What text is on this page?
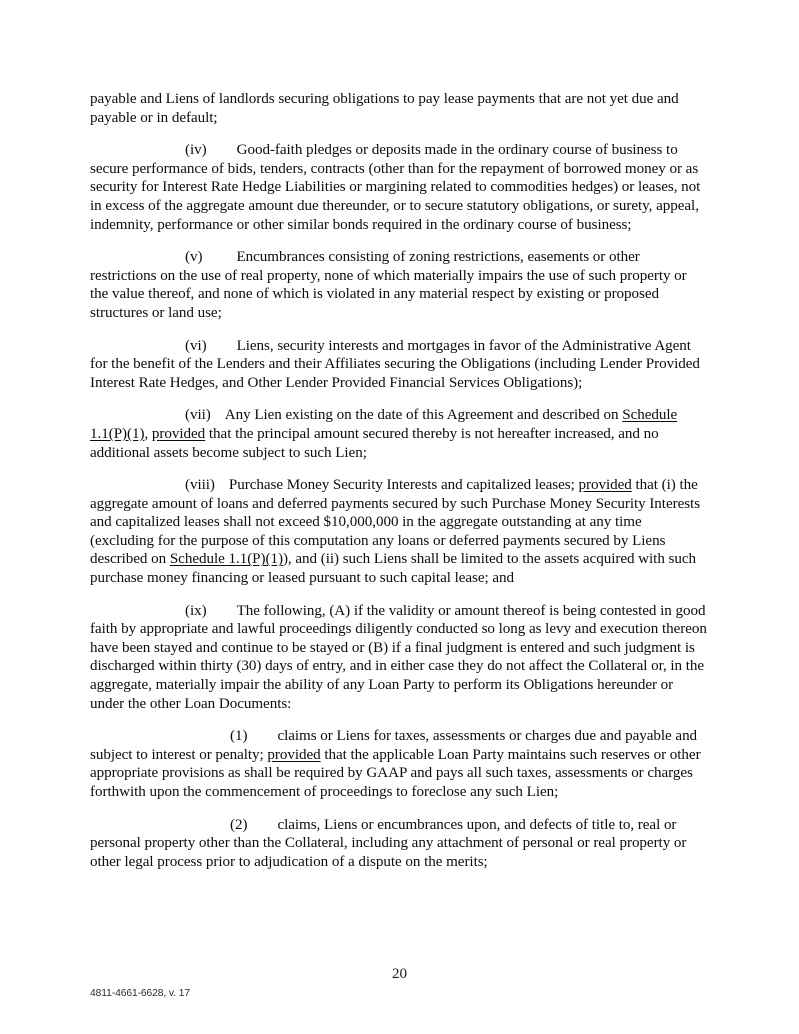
payable and Liens of landlords securing obligations to pay lease payments that are not yet due and payable or in default;

(iv) Good-faith pledges or deposits made in the ordinary course of business to secure performance of bids, tenders, contracts (other than for the repayment of borrowed money or as security for Interest Rate Hedge Liabilities or margining related to commodities hedges) or leases, not in excess of the aggregate amount due thereunder, or to secure statutory obligations, or surety, appeal, indemnity, performance or other similar bonds required in the ordinary course of business;

(v) Encumbrances consisting of zoning restrictions, easements or other restrictions on the use of real property, none of which materially impairs the use of such property or the value thereof, and none of which is violated in any material respect by existing or proposed structures or land use;

(vi) Liens, security interests and mortgages in favor of the Administrative Agent for the benefit of the Lenders and their Affiliates securing the Obligations (including Lender Provided Interest Rate Hedges, and Other Lender Provided Financial Services Obligations);

(vii) Any Lien existing on the date of this Agreement and described on Schedule 1.1(P)(1), provided that the principal amount secured thereby is not hereafter increased, and no additional assets become subject to such Lien;

(viii) Purchase Money Security Interests and capitalized leases; provided that (i) the aggregate amount of loans and deferred payments secured by such Purchase Money Security Interests and capitalized leases shall not exceed $10,000,000 in the aggregate outstanding at any time (excluding for the purpose of this computation any loans or deferred payments secured by Liens described on Schedule 1.1(P)(1)), and (ii) such Liens shall be limited to the assets acquired with such purchase money financing or leased pursuant to such capital lease; and

(ix) The following, (A) if the validity or amount thereof is being contested in good faith by appropriate and lawful proceedings diligently conducted so long as levy and execution thereon have been stayed and continue to be stayed or (B) if a final judgment is entered and such judgment is discharged within thirty (30) days of entry, and in either case they do not affect the Collateral or, in the aggregate, materially impair the ability of any Loan Party to perform its Obligations hereunder or under the other Loan Documents:

(1) claims or Liens for taxes, assessments or charges due and payable and subject to interest or penalty; provided that the applicable Loan Party maintains such reserves or other appropriate provisions as shall be required by GAAP and pays all such taxes, assessments or charges forthwith upon the commencement of proceedings to foreclose any such Lien;

(2) claims, Liens or encumbrances upon, and defects of title to, real or personal property other than the Collateral, including any attachment of personal or real property or other legal process prior to adjudication of a dispute on the merits;

20
4811-4661-6628, v. 17
